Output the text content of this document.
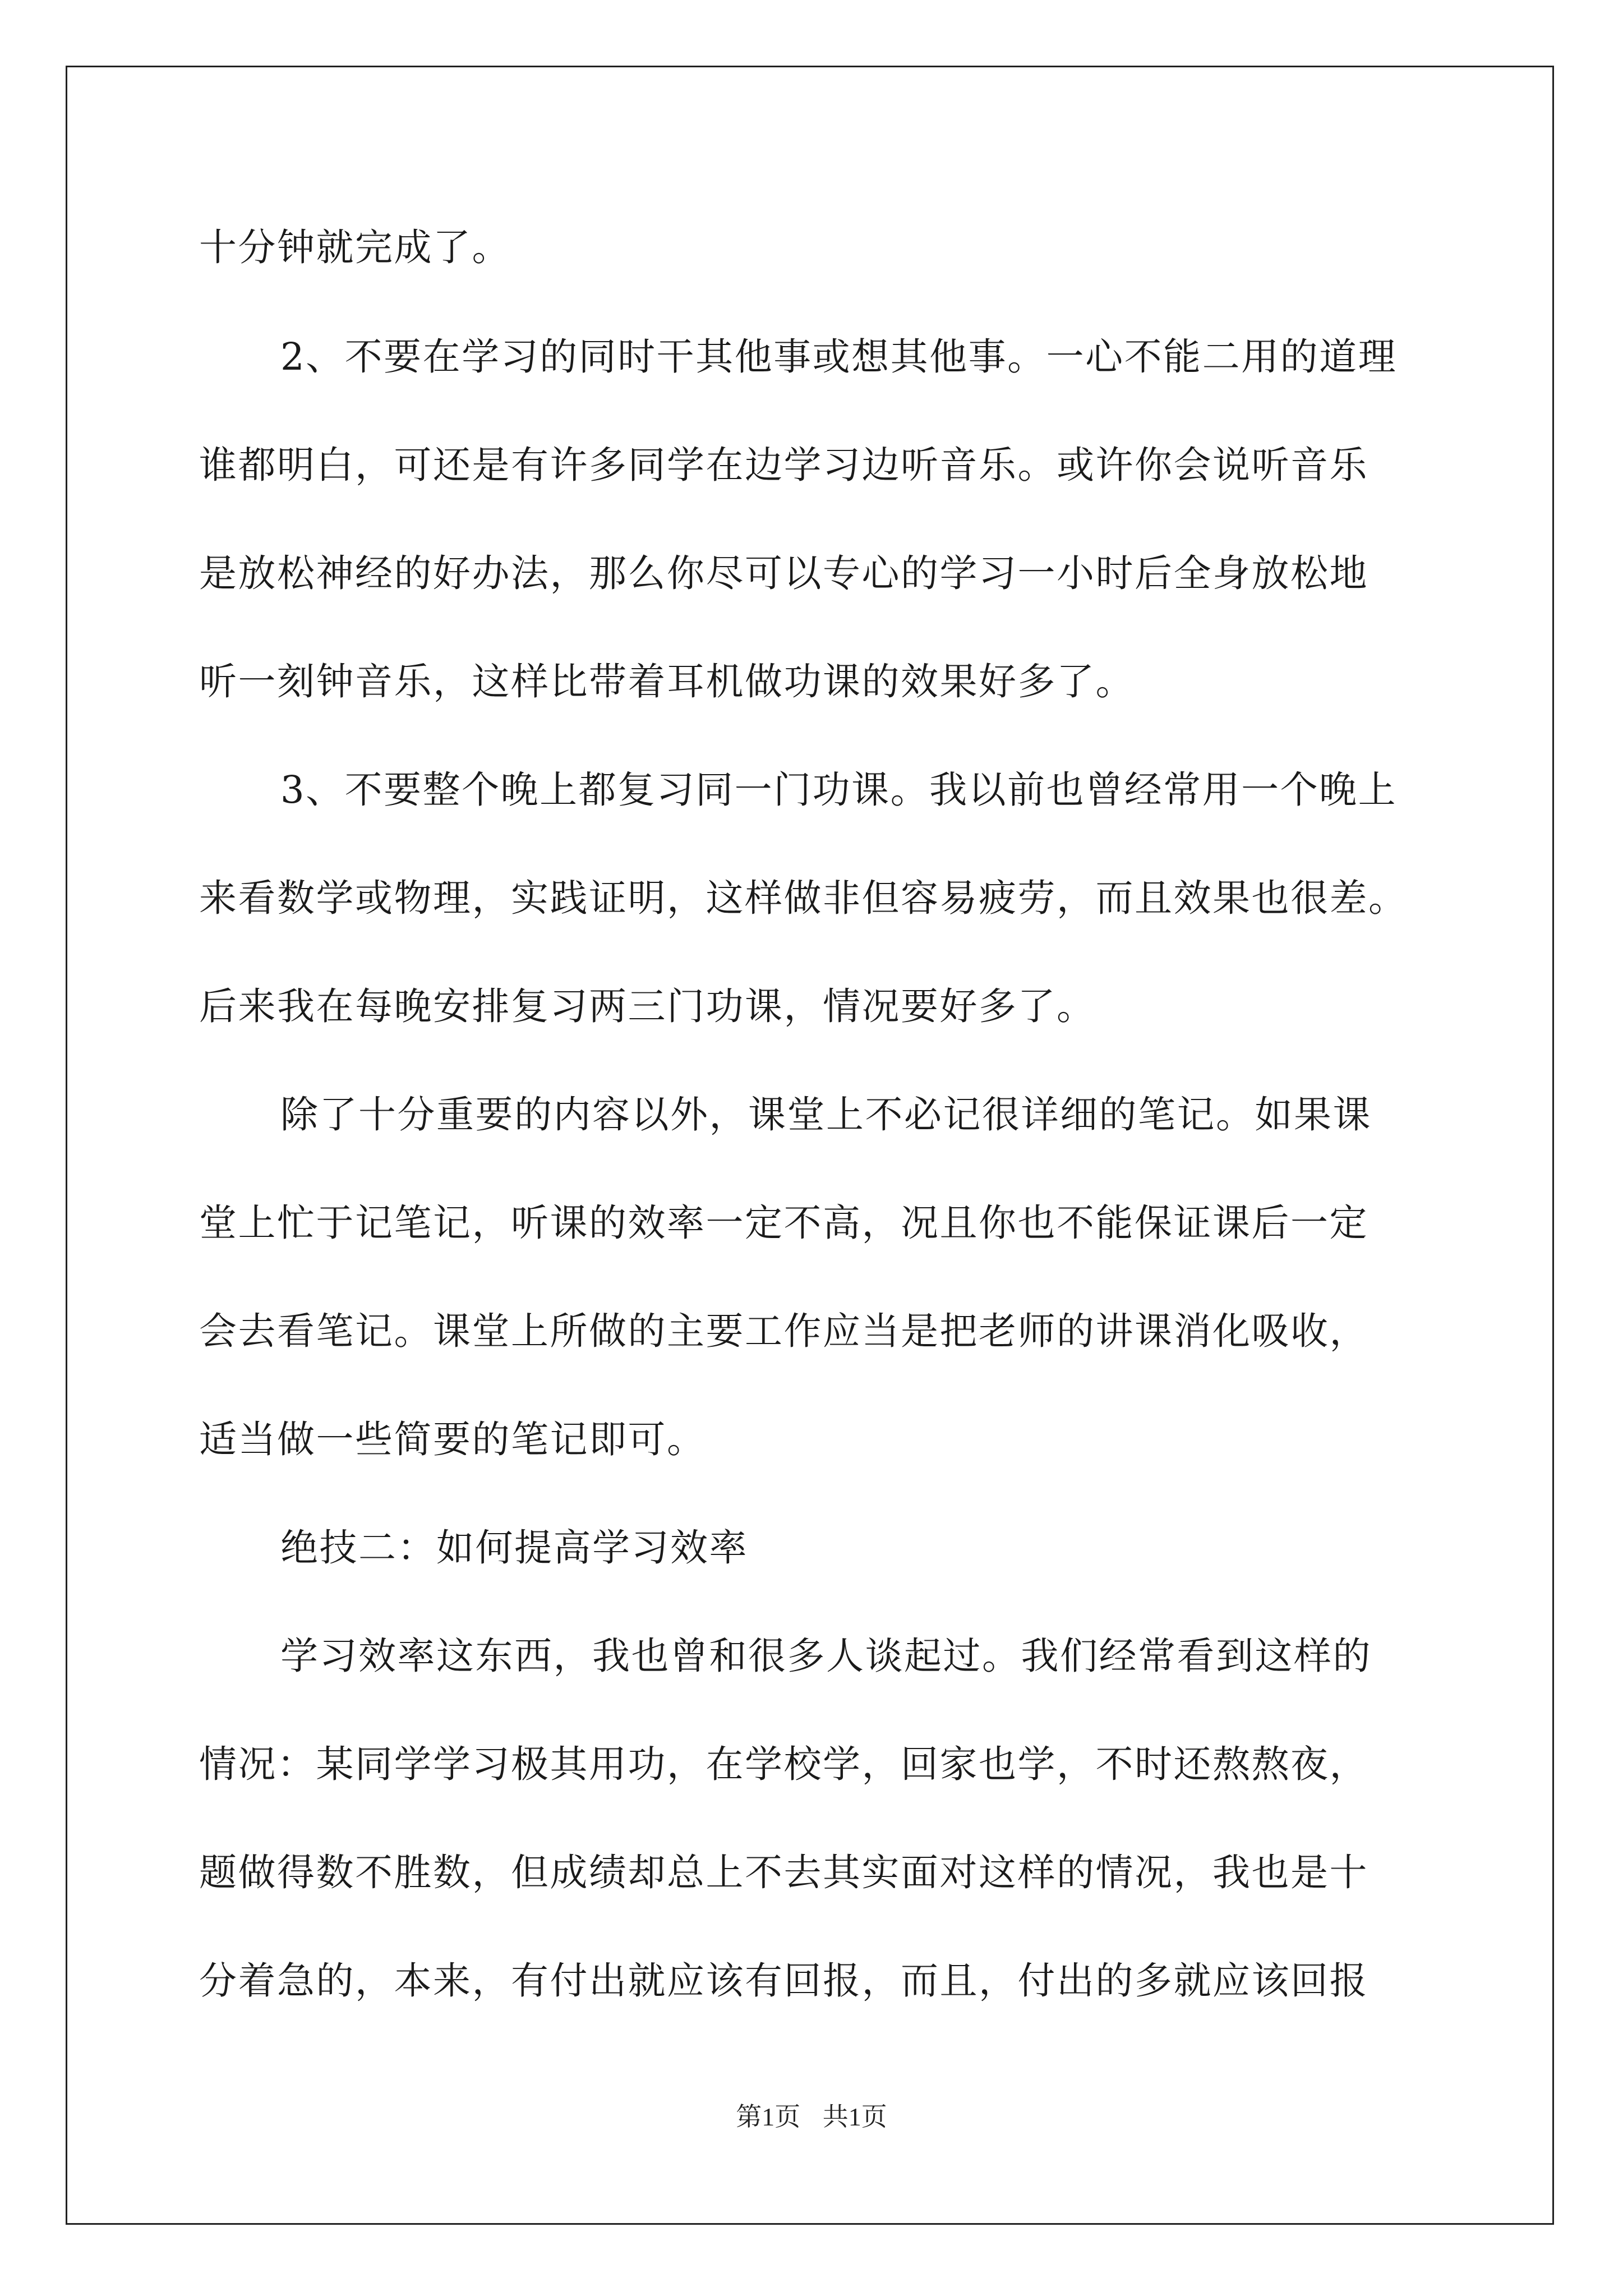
十分钟就完成了。
2、不要在学习的同时干其他事或想其他事。一心不能二用的道理
谁都明白，可还是有许多同学在边学习边听音乐。或许你会说听音乐
是放松神经的好办法，那么你尽可以专心的学习一小时后全身放松地
听一刻钟音乐，这样比带着耳机做功课的效果好多了。
3、不要整个晚上都复习同一门功课。我以前也曾经常用一个晚上
来看数学或物理，实践证明，这样做非但容易疲劳，而且效果也很差。
后来我在每晚安排复习两三门功课，情况要好多了。
除了十分重要的内容以外，课堂上不必记很详细的笔记。如果课
堂上忙于记笔记，听课的效率一定不高，况且你也不能保证课后一定
会去看笔记。课堂上所做的主要工作应当是把老师的讲课消化吸收，
适当做一些简要的笔记即可。
绝技二：如何提高学习效率
学习效率这东西，我也曾和很多人谈起过。我们经常看到这样的
情况：某同学学习极其用功，在学校学，回家也学，不时还熬熬夜，
题做得数不胜数，但成绩却总上不去其实面对这样的情况，我也是十
分着急的，本来，有付出就应该有回报，而且，付出的多就应该回报
第1页 共1页
